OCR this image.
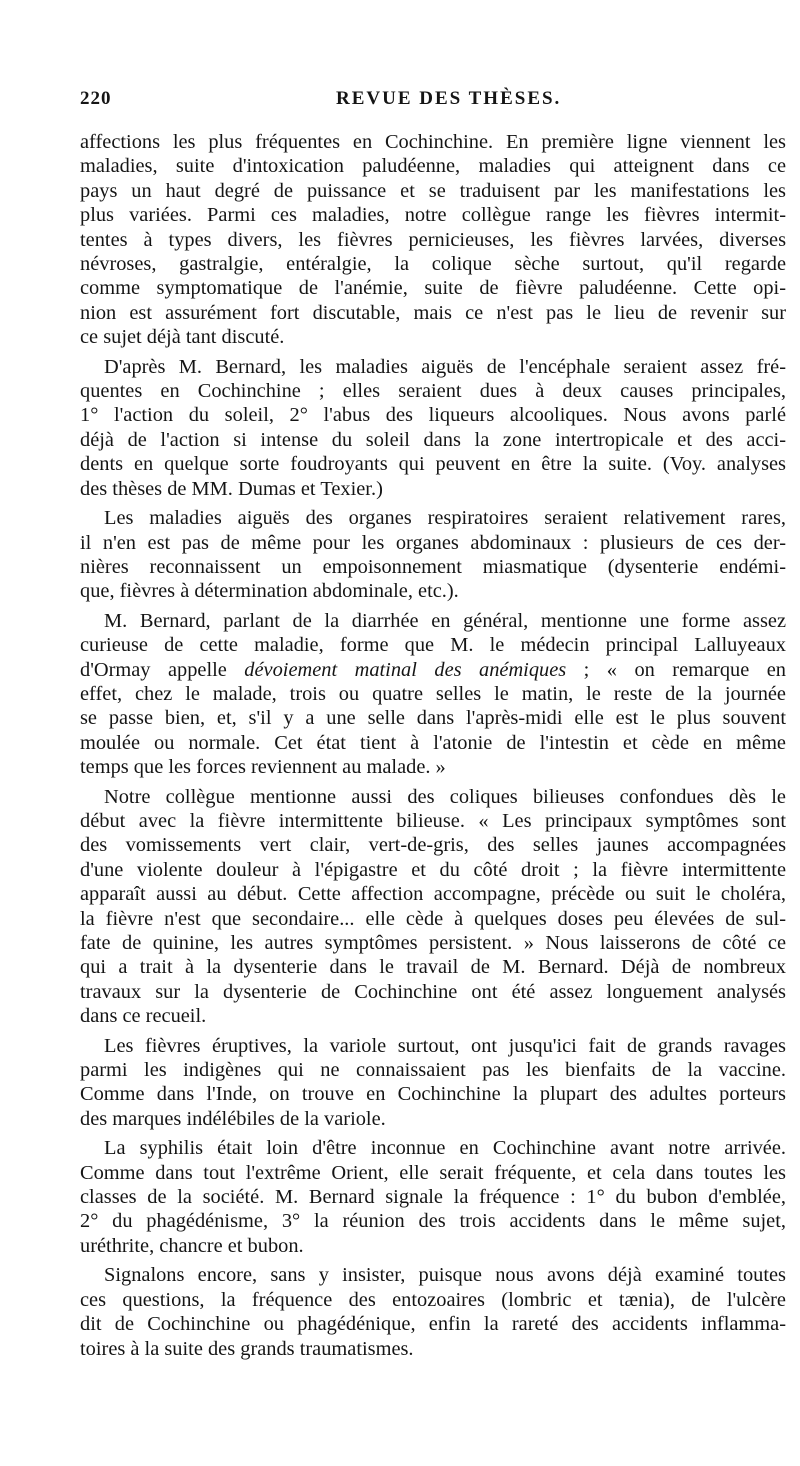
220	REVUE DES THÈSES.

affections les plus fréquentes en Cochinchine. En première ligne viennent les
maladies, suite d'intoxication paludéenne, maladies qui atteignent dans ce
pays un haut degré de puissance et se traduisent par les manifestations les
plus variées. Parmi ces maladies, notre collègue range les fièvres intermit-
tentes à types divers, les fièvres pernicieuses, les fièvres larvées, diverses
névroses, gastralgie, entéralgie, la colique sèche surtout, qu'il regarde
comme symptomatique de l'anémie, suite de fièvre paludéenne. Cette opi-
nion est assurément fort discutable, mais ce n'est pas le lieu de revenir sur
ce sujet déjà tant discuté.

D'après M. Bernard, les maladies aiguës de l'encéphale seraient assez fré-
quentes en Cochinchine ; elles seraient dues à deux causes principales,
1° l'action du soleil, 2° l'abus des liqueurs alcooliques. Nous avons parlé
déjà de l'action si intense du soleil dans la zone intertropicale et des acci-
dents en quelque sorte foudroyants qui peuvent en être la suite. (Voy. analyses
des thèses de MM. Dumas et Texier.)

Les maladies aiguës des organes respiratoires seraient relativement rares,
il n'en est pas de même pour les organes abdominaux : plusieurs de ces der-
nières reconnaissent un empoisonnement miasmatique (dysenterie endémi-
que, fièvres à détermination abdominale, etc.).

M. Bernard, parlant de la diarrhée en général, mentionne une forme assez
curieuse de cette maladie, forme que M. le médecin principal Lalluyeaux
d'Ormay appelle dévoiement matinal des anémiques ; « on remarque en
effet, chez le malade, trois ou quatre selles le matin, le reste de la journée
se passe bien, et, s'il y a une selle dans l'après-midi elle est le plus souvent
moulée ou normale. Cet état tient à l'atonie de l'intestin et cède en même
temps que les forces reviennent au malade. »

Notre collègue mentionne aussi des coliques bilieuses confondues dès le
début avec la fièvre intermittente bilieuse. « Les principaux symptômes sont
des vomissements vert clair, vert-de-gris, des selles jaunes accompagnées
d'une violente douleur à l'épigastre et du côté droit ; la fièvre intermittente
apparaît aussi au début. Cette affection accompagne, précède ou suit le choléra,
la fièvre n'est que secondaire... elle cède à quelques doses peu élevées de sul-
fate de quinine, les autres symptômes persistent. » Nous laisserons de côté ce
qui a trait à la dysenterie dans le travail de M. Bernard. Déjà de nombreux
travaux sur la dysenterie de Cochinchine ont été assez longuement analysés
dans ce recueil.

Les fièvres éruptives, la variole surtout, ont jusqu'ici fait de grands ravages
parmi les indigènes qui ne connaissaient pas les bienfaits de la vaccine.
Comme dans l'Inde, on trouve en Cochinchine la plupart des adultes porteurs
des marques indélébiles de la variole.

La syphilis était loin d'être inconnue en Cochinchine avant notre arrivée.
Comme dans tout l'extrême Orient, elle serait fréquente, et cela dans toutes les
classes de la société. M. Bernard signale la fréquence : 1° du bubon d'emblée,
2° du phagédénisme, 3° la réunion des trois accidents dans le même sujet,
uréthrite, chancre et bubon.

Signalons encore, sans y insister, puisque nous avons déjà examiné toutes
ces questions, la fréquence des entozoaires (lombric et tænia), de l'ulcère
dit de Cochinchine ou phagédénique, enfin la rareté des accidents inflamma-
toires à la suite des grands traumatismes.
